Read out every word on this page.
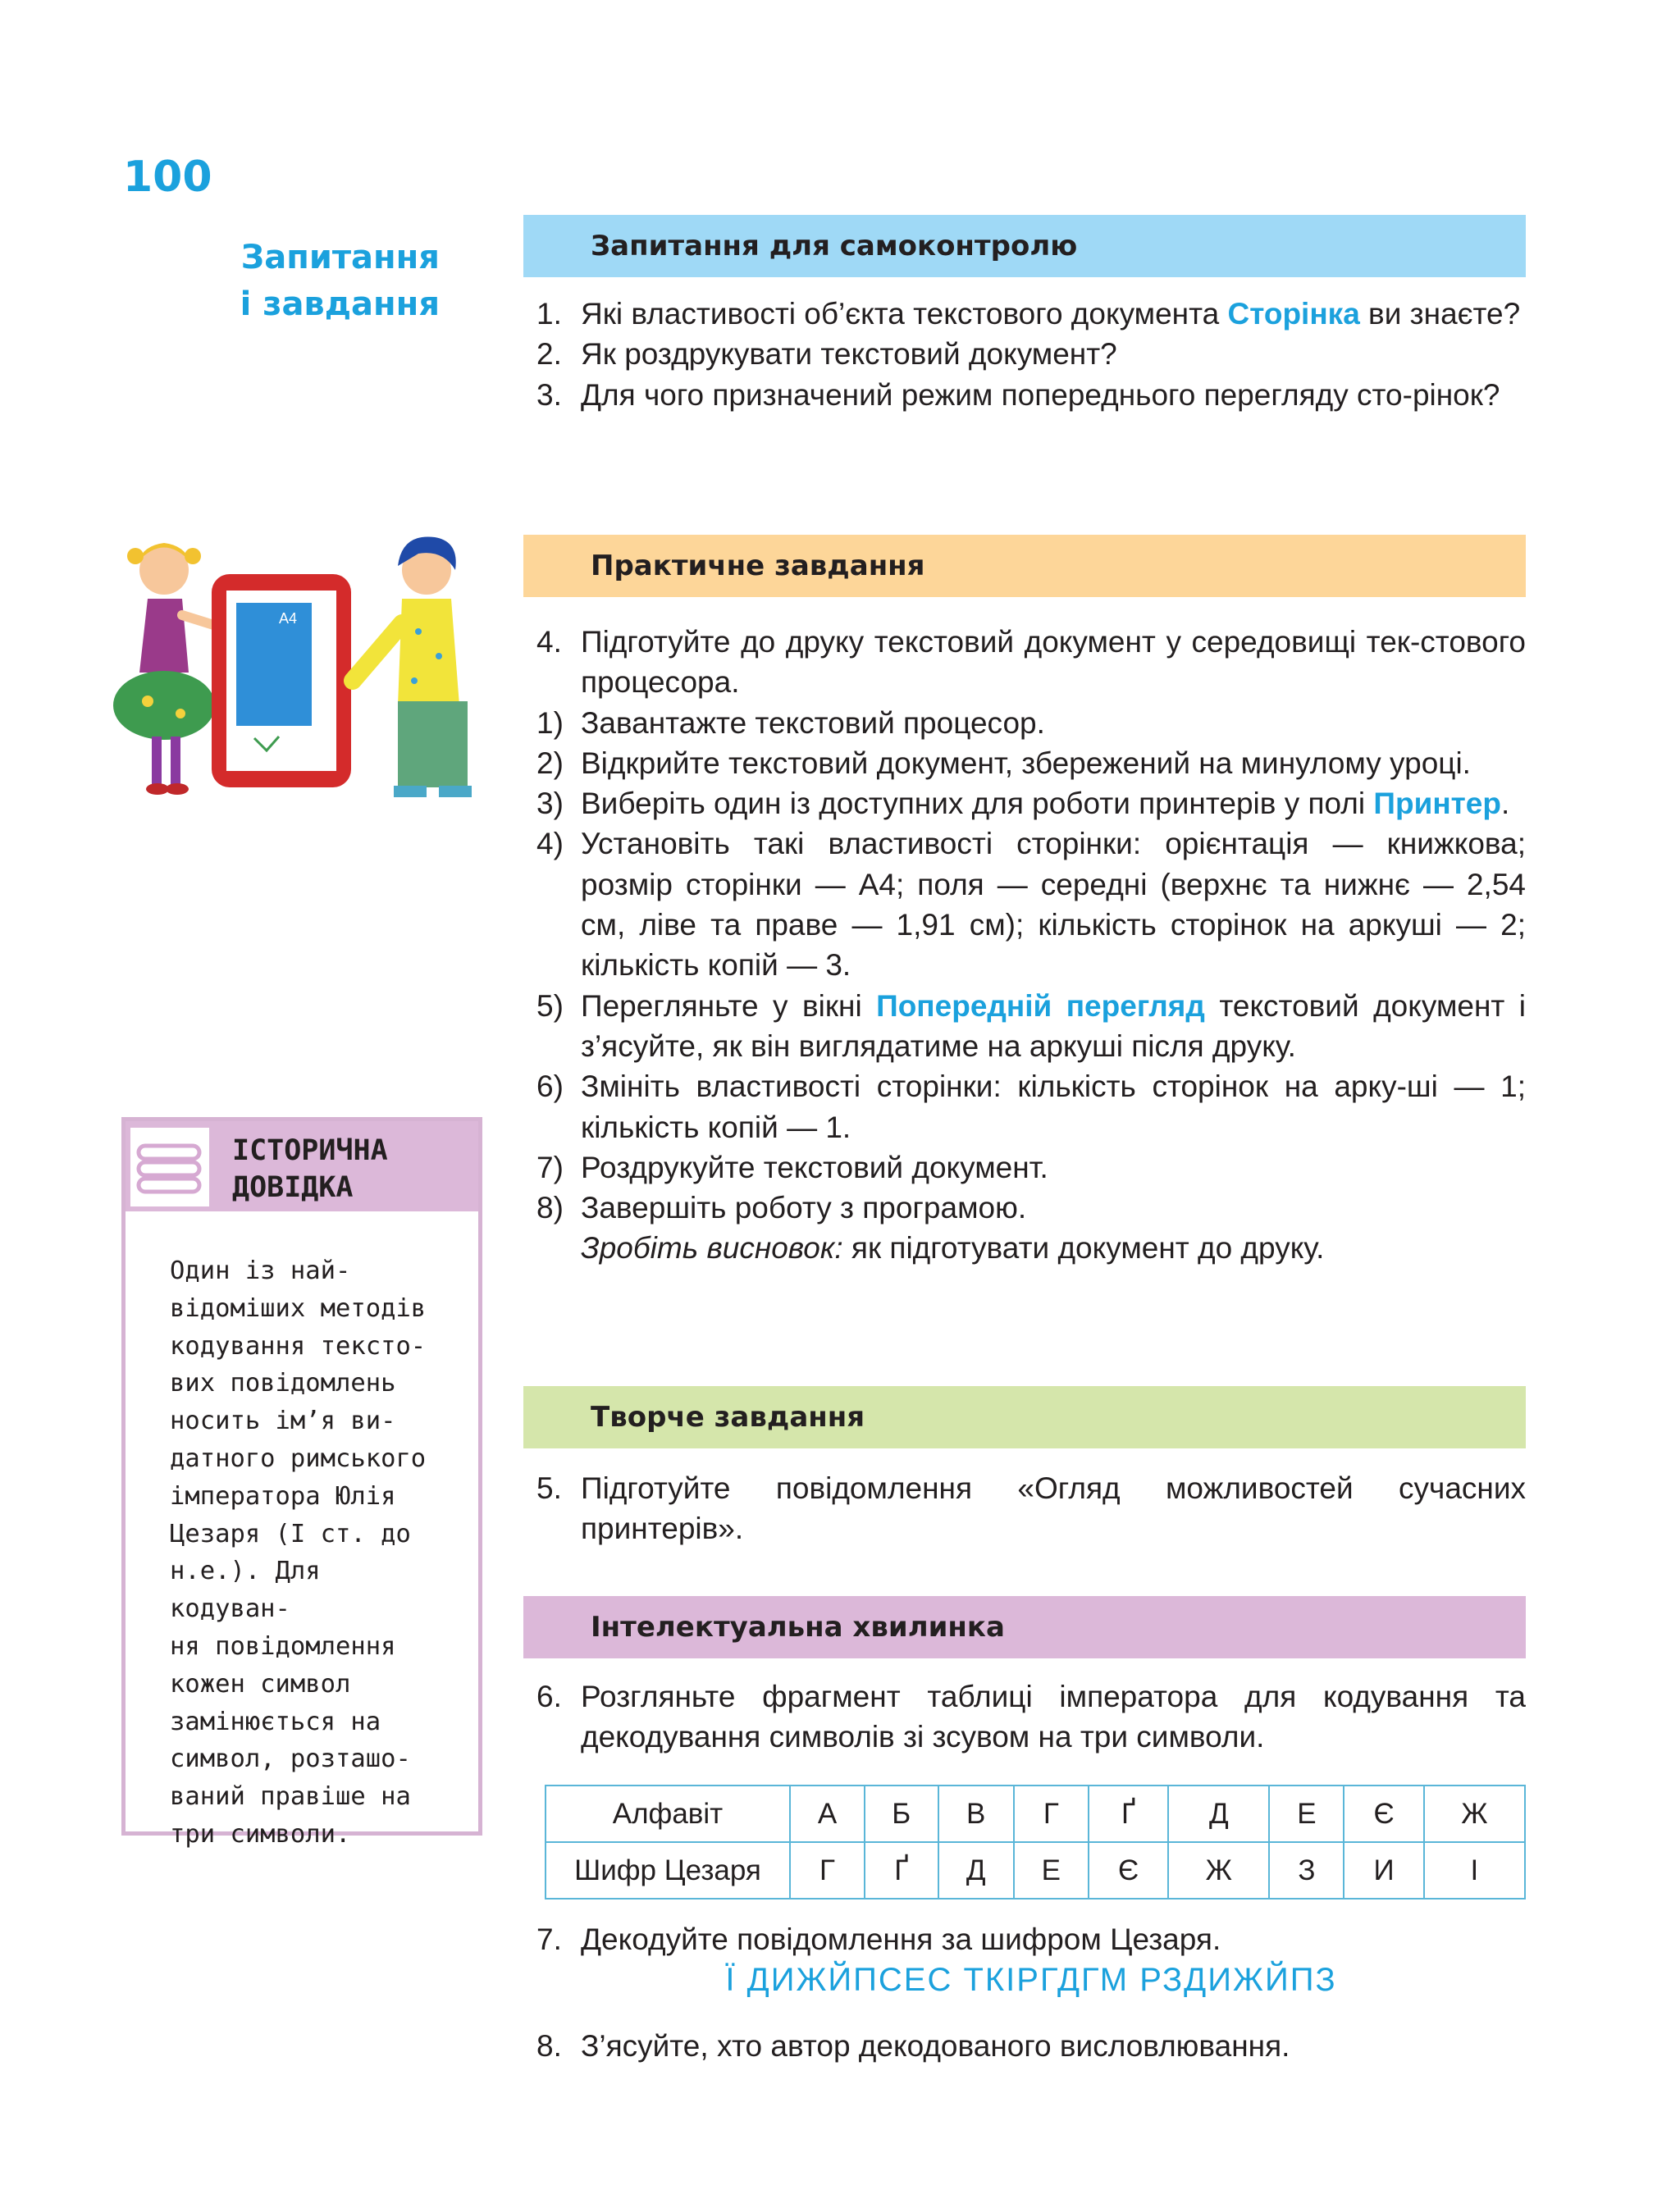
100
Запитання
і завдання
A4
Запитання для самоконтролю
1. Які властивості об’єкта текстового документа Сторінка ви знаєте?
2. Як роздрукувати текстовий документ?
3. Для чого призначений режим попереднього перегляду сто-рінок?
Практичне завдання
4. Підготуйте до друку текстовий документ у середовищі тек-стового процесора.
1) Завантажте текстовий процесор.
2) Відкрийте текстовий документ, збережений на минулому уроці.
3) Виберіть один із доступних для роботи принтерів у полі Принтер.
4) Установіть такі властивості сторінки: орієнтація — книжкова; розмір сторінки — А4; поля — середні (верхнє та нижнє — 2,54 см, ліве та праве — 1,91 см); кількість сторінок на аркуші — 2; кількість копій — 3.
5) Перегляньте у вікні Попередній перегляд текстовий документ і з’ясуйте, як він виглядатиме на аркуші після друку.
6) Змініть властивості сторінки: кількість сторінок на арку-ші — 1; кількість копій — 1.
7) Роздрукуйте текстовий документ.
8) Завершіть роботу з програмою.
Зробіть висновок: як підготувати документ до друку.
Творче завдання
5. Підготуйте повідомлення «Огляд можливостей сучасних принтерів».
Інтелектуальна хвилинка
6. Розгляньте фрагмент таблиці імператора для кодування та декодування символів зі зсувом на три символи.
Алфавіт	А	Б	В	Г	Ґ	Д	Е	Є	Ж
Шифр Цезаря	Г	Ґ	Д	Е	Є	Ж	З	И	І
7. Декодуйте повідомлення за шифром Цезаря.
Ї ДИЖЙПСЕС ТКІРГДГМ РЗДИЖЙПЗ
8. З’ясуйте, хто автор декодованого висловлювання.
ІСТОРИЧНА
ДОВІДКА
Один із най-
відоміших методів
кодування тексто-
вих повідомлень
носить ім’я ви-
датного римського
імператора Юлія
Цезаря (І ст. до
н.е.). Для кодуван-
ня повідомлення
кожен символ
замінюється на
символ, розташо-
ваний правіше на
три символи.
